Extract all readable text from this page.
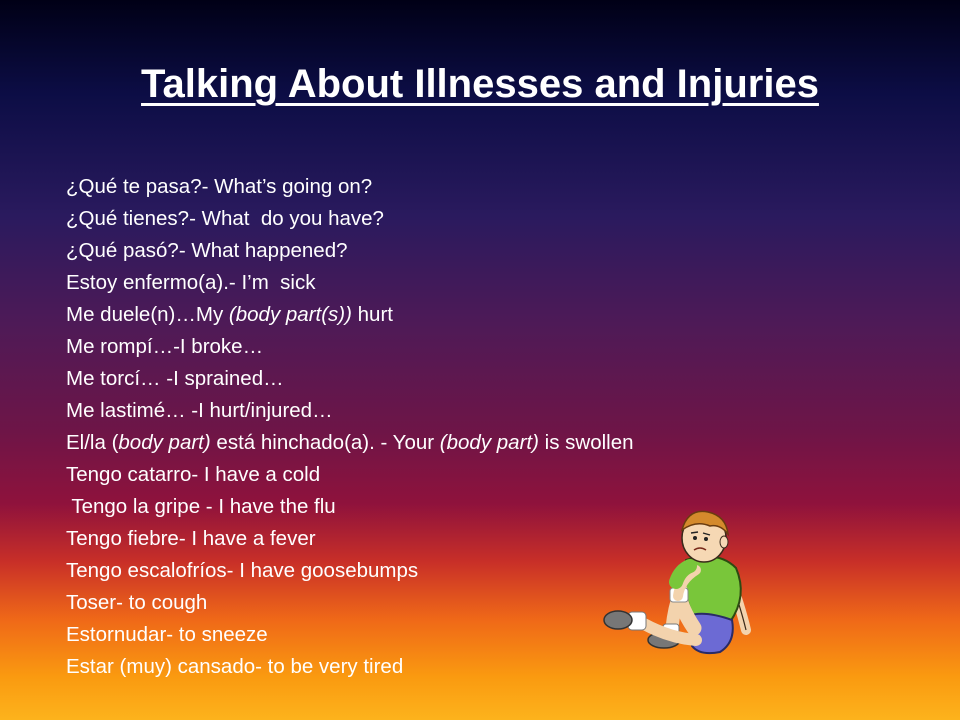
Talking About Illnesses and Injuries
¿Qué te pasa?- What’s going on?
¿Qué tienes?- What  do you have?
¿Qué pasó?- What happened?
Estoy enfermo(a).- I’m  sick
Me duele(n)…My (body part(s)) hurt
Me rompí…-I broke…
Me torcí… -I sprained…
Me lastimé… -I hurt/injured…
El/la (body part) está hinchado(a). - Your (body part) is swollen
Tengo catarro- I have a cold
Tengo la gripe - I have the flu
Tengo fiebre- I have a fever
Tengo escalofríos- I have goosebumps
Toser- to cough
Estornudar- to sneeze
Estar (muy) cansado- to be very tired
